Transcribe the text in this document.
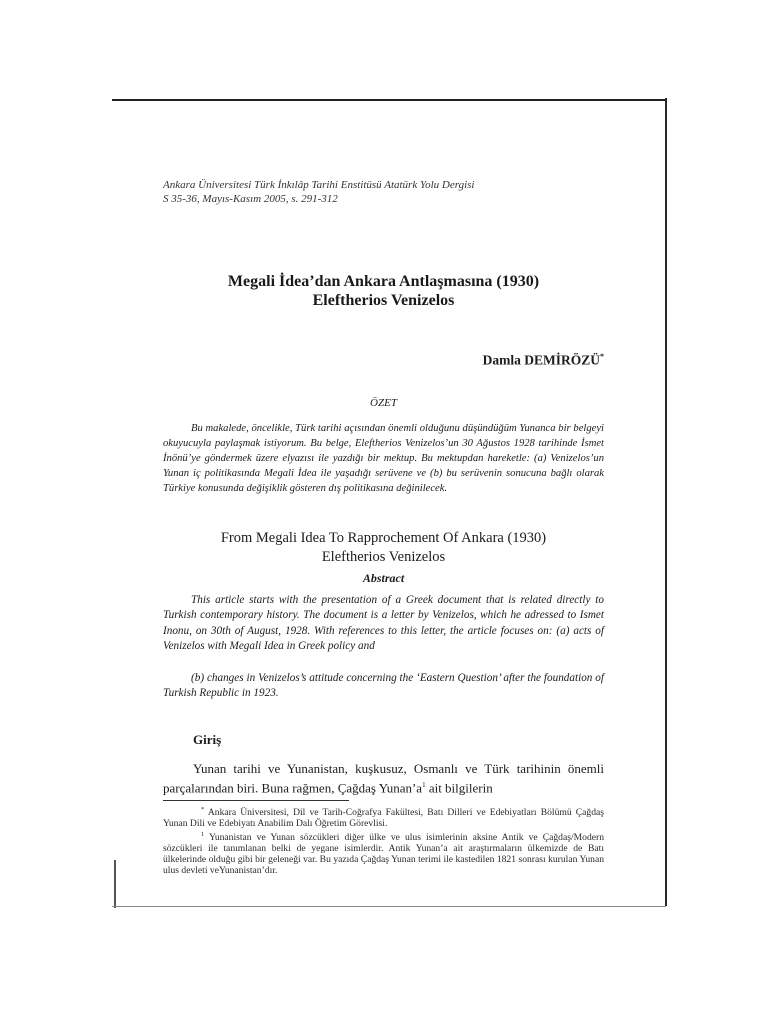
Ankara Üniversitesi Türk İnkılâp Tarihi Enstitüsü Atatürk Yolu Dergisi
S 35-36, Mayıs-Kasım 2005, s. 291-312
Megali İdea’dan Ankara Antlaşmasına (1930)
Eleftherios Venizelos
Damla DEMİRÖZÜ*
ÖZET
Bu makalede, öncelikle, Türk tarihi açısından önemli olduğunu düşündüğüm Yunanca bir belgeyi okuyucuyla paylaşmak istiyorum. Bu belge, Eleftherios Venizelos’un 30 Ağustos 1928 tarihinde İsmet İnönü’ye göndermek üzere elyazısı ile yazdığı bir mektup. Bu mektupdan hareketle: (a) Venizelos’un Yunan iç politikasında Megali İdea ile yaşadığı serüvene ve (b) bu serüvenin sonucuna bağlı olarak Türkiye konusunda değişiklik gösteren dış politikasına değinilecek.
From Megali Idea To Rapprochement Of Ankara (1930)
Eleftherios Venizelos
Abstract

This article starts with the presentation of a Greek document that is related directly to Turkish contemporary history. The document is a letter by Venizelos, which he adressed to Ismet Inonu, on 30th of August, 1928. With references to this letter, the article focuses on: (a) acts of Venizelos with Megali Idea in Greek policy and

(b) changes in Venizelos’s attitude concerning the ‘Eastern Question’ after the foundation of Turkish Republic in 1923.

Giriş
Yunan tarihi ve Yunanistan, kuşkusuz, Osmanlı ve Türk tarihinin önemli parçalarından biri. Buna rağmen, Çağdaş $Yunan’a^1$ ait bilgilerin

* Ankara Üniversitesi, Dil ve Tarih-Coğrafya Fakültesi, Batı Dilleri ve Edebiyatları Bölümü Çağdaş Yunan Dili ve Edebiyatı Anabilim Dalı Öğretim Görevlisi.

$^1$ Yunanistan ve Yunan sözcükleri diğer ülke ve ulus isimlerinin aksine Antik ve Çağdaş/Modern sözcükleri ile tanımlanan belki de yegane isimlerdir. Antik Yunan’a ait araştırmaların ülkemizde de Batı ülkelerinde olduğu gibi bir geleneği var. Bu yazıda Çağdaş Yunan terimi ile kastedilen 1821 sonrası kurulan Yunan ulus devleti veYunanistan’dır.
